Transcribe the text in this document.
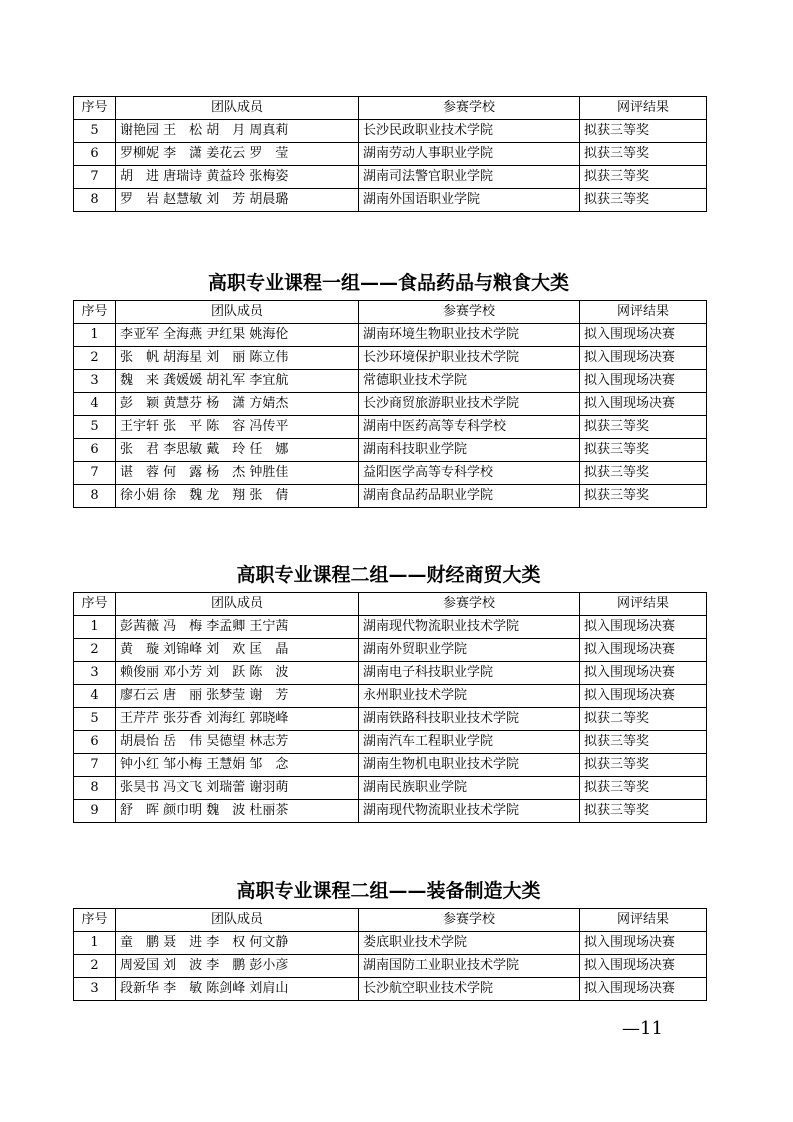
序号	团队成员	参赛学校	网评结果
5	谢艳园 王　松 胡　月 周真莉	长沙民政职业技术学院	拟获三等奖
6	罗柳妮 李　潇 姜花云 罗　莹	湖南劳动人事职业学院	拟获三等奖
7	胡　进 唐瑞诗 黄益玲 张梅姿	湖南司法警官职业学院	拟获三等奖
8	罗　岩 赵慧敏 刘　芳 胡晨璐	湖南外国语职业学院	拟获三等奖
高职专业课程一组——食品药品与粮食大类
序号	团队成员	参赛学校	网评结果
1	李亚军 全海燕 尹红果 姚海伦	湖南环境生物职业技术学院	拟入围现场决赛
2	张　帆 胡海星 刘　丽 陈立伟	长沙环境保护职业技术学院	拟入围现场决赛
3	魏　来 龚媛媛 胡礼军 李宜航	常德职业技术学院	拟入围现场决赛
4	彭　颖 黄慧芬 杨　潇 方婧杰	长沙商贸旅游职业技术学院	拟入围现场决赛
5	王宇轩 张　平 陈　容 冯传平	湖南中医药高等专科学校	拟获三等奖
6	张　君 李思敏 戴　玲 任　娜	湖南科技职业学院	拟获三等奖
7	谌　蓉 何　露 杨　杰 钟胜佳	益阳医学高等专科学校	拟获三等奖
8	徐小娟 徐　魏 龙　翔 张　倩	湖南食品药品职业学院	拟获三等奖
高职专业课程二组——财经商贸大类
序号	团队成员	参赛学校	网评结果
1	彭茜薇 冯　梅 李孟卿 王宁茜	湖南现代物流职业技术学院	拟入围现场决赛
2	黄　璇 刘锦峰 刘　欢 匡　晶	湖南外贸职业学院	拟入围现场决赛
3	赖俊丽 邓小芳 刘　跃 陈　波	湖南电子科技职业学院	拟入围现场决赛
4	廖石云 唐　丽 张梦莹 谢　芳	永州职业技术学院	拟入围现场决赛
5	王芹芹 张芬香 刘海红 郭晓峰	湖南铁路科技职业技术学院	拟获二等奖
6	胡晨怡 岳　伟 吴德望 林志芳	湖南汽车工程职业学院	拟获三等奖
7	钟小红 邹小梅 王慧娟 邹　念	湖南生物机电职业技术学院	拟获三等奖
8	张昊书 冯文飞 刘瑞蕾 谢羽萌	湖南民族职业学院	拟获三等奖
9	舒　晖 颜巾明 魏　波 杜丽茶	湖南现代物流职业技术学院	拟获三等奖
高职专业课程二组——装备制造大类
序号	团队成员	参赛学校	网评结果
1	童　鹏 聂　进 李　权 何文静	娄底职业技术学院	拟入围现场决赛
2	周爱国 刘　波 李　鹏 彭小彦	湖南国防工业职业技术学院	拟入围现场决赛
3	段新华 李　敏 陈剑峰 刘肩山	长沙航空职业技术学院	拟入围现场决赛
—11
